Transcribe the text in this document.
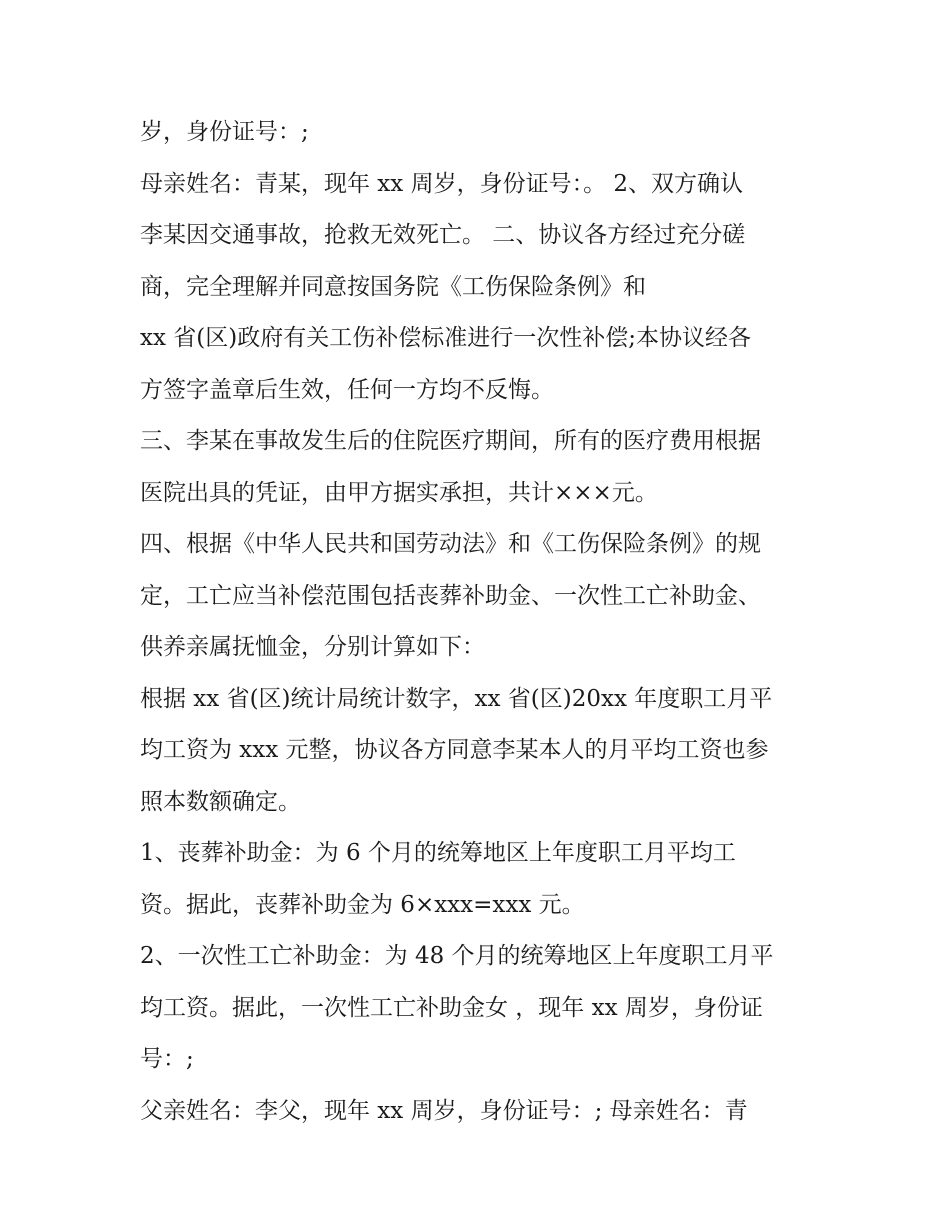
岁，身份证号：;
母亲姓名：青某，现年 xx 周岁，身份证号：。 2、双方确认
李某因交通事故，抢救无效死亡。 二、协议各方经过充分磋
商，完全理解并同意按国务院《工伤保险条例》和
xx 省(区)政府有关工伤补偿标准进行一次性补偿;本协议经各
方签字盖章后生效，任何一方均不反悔。
三、李某在事故发生后的住院医疗期间，所有的医疗费用根据
医院出具的凭证，由甲方据实承担，共计×××元。
四、根据《中华人民共和国劳动法》和《工伤保险条例》的规
定，工亡应当补偿范围包括丧葬补助金、一次性工亡补助金、
供养亲属抚恤金，分别计算如下：
根据 xx 省(区)统计局统计数字，xx 省(区)20xx 年度职工月平
均工资为 xxx 元整，协议各方同意李某本人的月平均工资也参
照本数额确定。
1、丧葬补助金：为 6 个月的统筹地区上年度职工月平均工
资。据此，丧葬补助金为 6×xxx=xxx 元。
2、一次性工亡补助金：为 48 个月的统筹地区上年度职工月平
均工资。据此，一次性工亡补助金女 ，现年 xx 周岁，身份证
号：;
父亲姓名：李父，现年 xx 周岁，身份证号：; 母亲姓名：青
